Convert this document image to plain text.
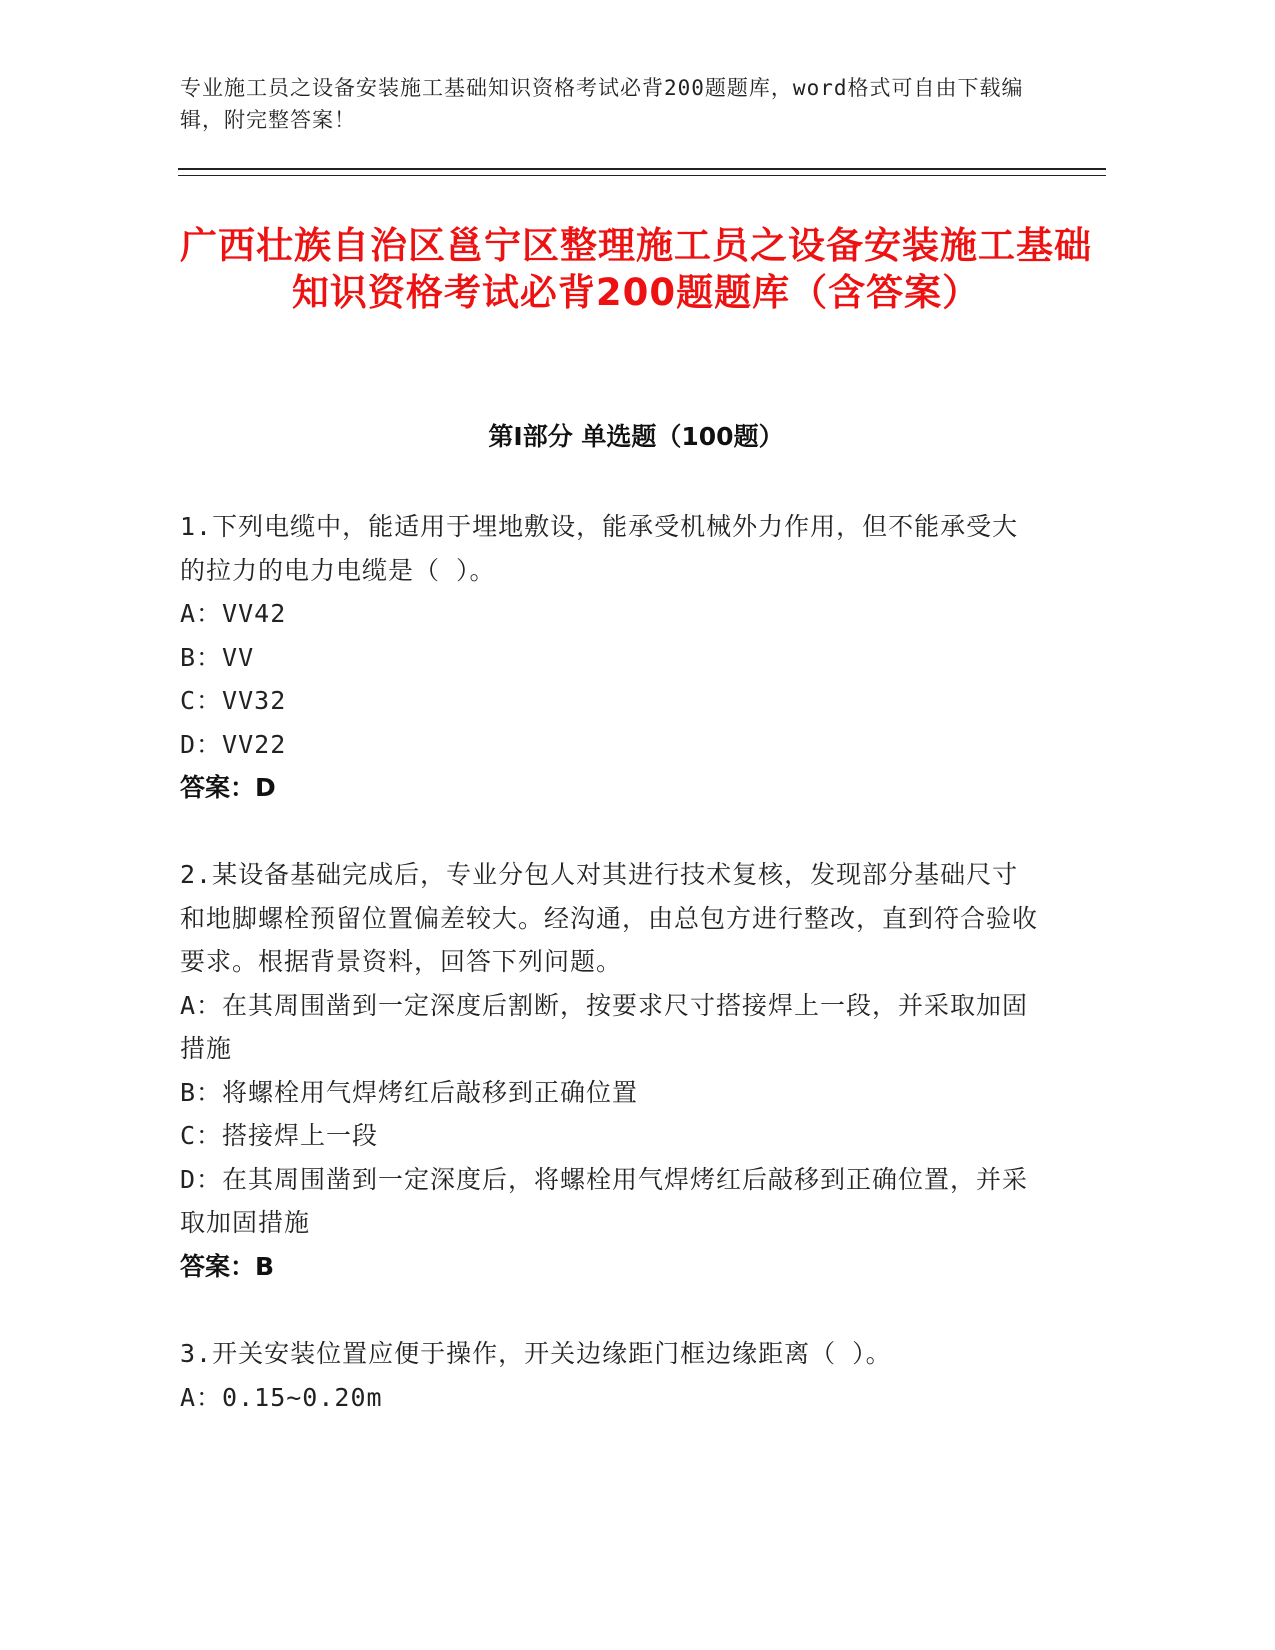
专业施工员之设备安装施工基础知识资格考试必背200题题库，word格式可自由下载编辑，附完整答案！
广西壮族自治区邕宁区整理施工员之设备安装施工基础知识资格考试必背200题题库（含答案）
第Ⅰ部分 单选题（100题）
1.下列电缆中，能适用于埋地敷设，能承受机械外力作用，但不能承受大的拉力的电力电缆是（ ）。
A：VV42
B：VV
C：VV32
D：VV22
答案：D
2.某设备基础完成后，专业分包人对其进行技术复核，发现部分基础尺寸和地脚螺栓预留位置偏差较大。经沟通，由总包方进行整改，直到符合验收要求。根据背景资料，回答下列问题。
A：在其周围凿到一定深度后割断，按要求尺寸搭接焊上一段，并采取加固措施
B：将螺栓用气焊烤红后敲移到正确位置
C：搭接焊上一段
D：在其周围凿到一定深度后，将螺栓用气焊烤红后敲移到正确位置，并采取加固措施
答案：B
3.开关安装位置应便于操作，开关边缘距门框边缘距离（ ）。
A：0.15~0.20m
